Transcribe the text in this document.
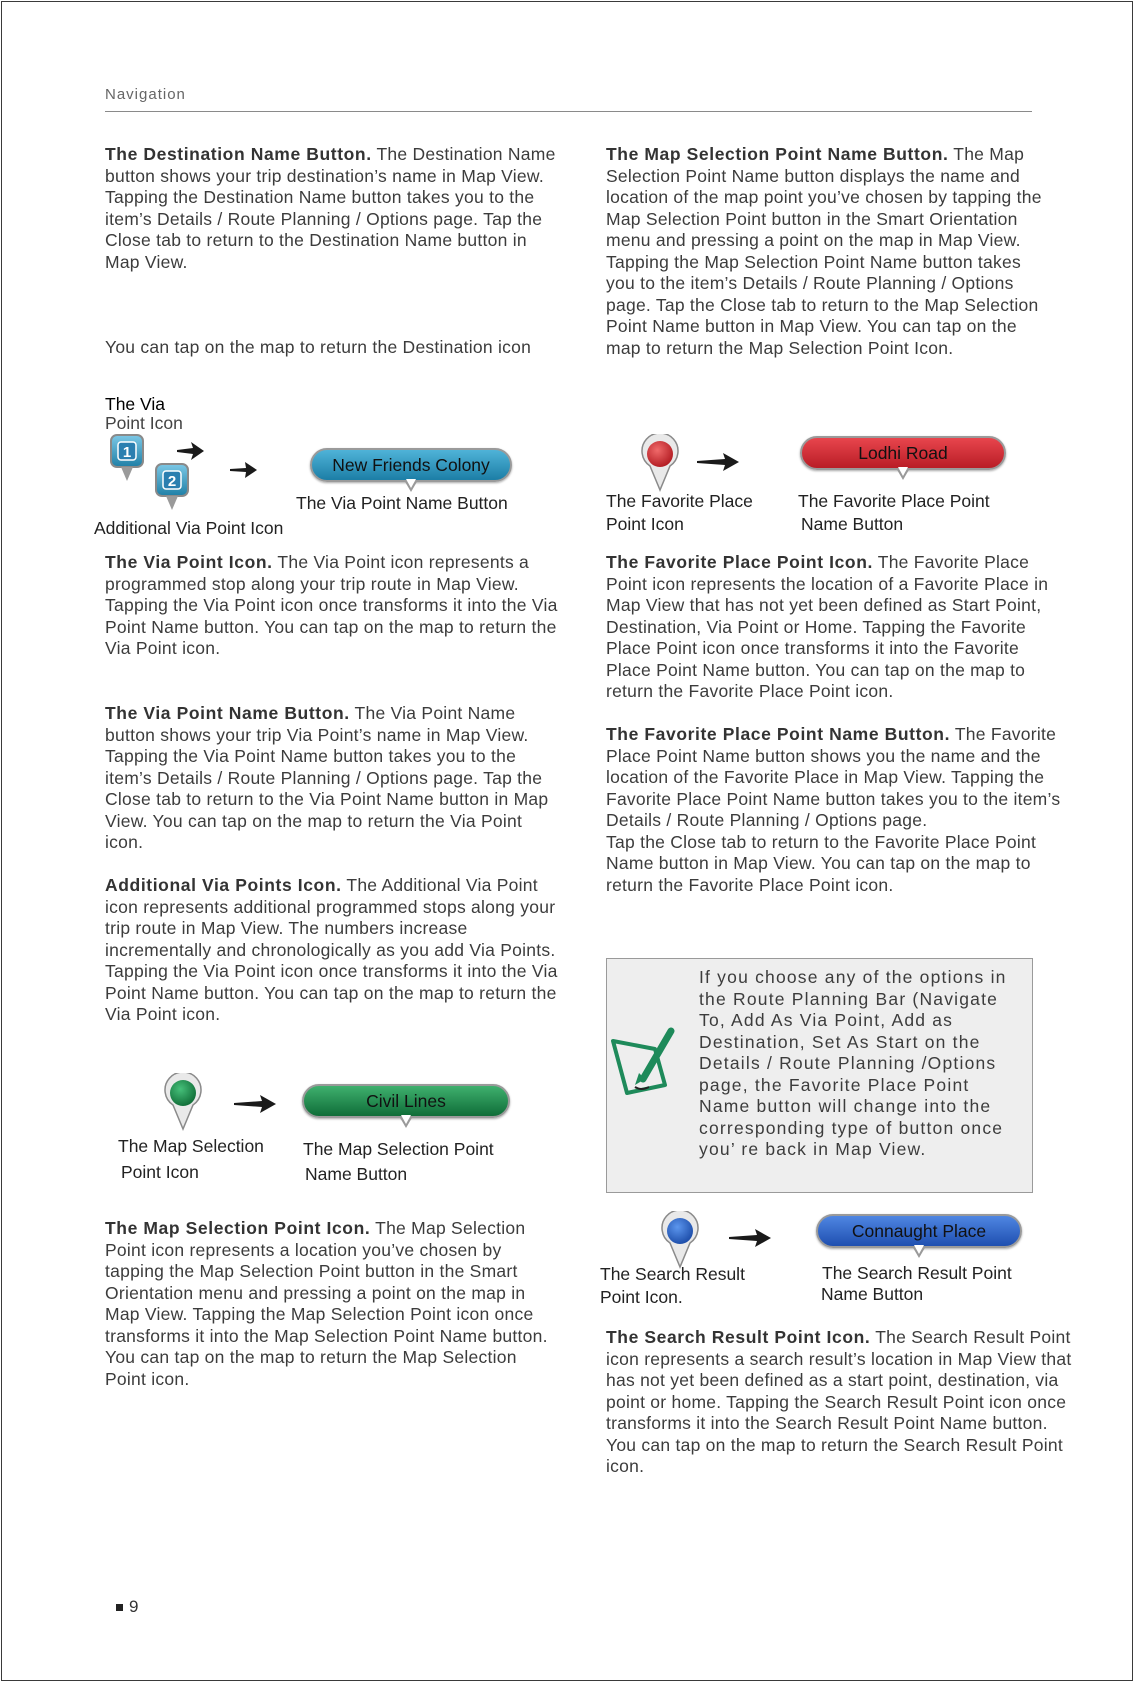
Navigation

The Destination Name Button. The Destination Name button shows your trip destination’s name in Map View. Tapping the Destination Name button takes you to the item’s Details / Route Planning / Options page. Tap the Close tab to return to the Destination Name button in Map View.

You can tap on the map to return the Destination icon

The Via
Point Icon
1
2
New Friends Colony
The Via Point Name Button
Additional Via Point Icon

The Via Point Icon. The Via Point icon represents a programmed stop along your trip route in Map View. Tapping the Via Point icon once transforms it into the Via Point Name button. You can tap on the map to return the Via Point icon.

The Via Point Name Button. The Via Point Name button shows your trip Via Point’s name in Map View. Tapping the Via Point Name button takes you to the item’s Details / Route Planning / Options page. Tap the Close tab to return to the Via Point Name button in Map View. You can tap on the map to return the Via Point icon.

Additional Via Points Icon. The Additional Via Point icon represents additional programmed stops along your trip route in Map View. The numbers increase incrementally and chronologically as you add Via Points. Tapping the Via Point icon once transforms it into the Via Point Name button. You can tap on the map to return the Via Point icon.

Civil Lines
The Map Selection
Point Icon
The Map Selection Point
Name Button

The Map Selection Point Icon. The Map Selection Point icon represents a location you’ve chosen by tapping the Map Selection Point button in the Smart Orientation menu and pressing a point on the map in Map View. Tapping the Map Selection Point icon once transforms it into the Map Selection Point Name button. You can tap on the map to return the Map Selection Point icon.

The Map Selection Point Name Button. The Map Selection Point Name button displays the name and location of the map point you’ve chosen by tapping the Map Selection Point button in the Smart Orientation menu and pressing a point on the map in Map View. Tapping the Map Selection Point Name button takes you to the item’s Details / Route Planning / Options page. Tap the Close tab to return to the Map Selection Point Name button in Map View. You can tap on the map to return the Map Selection Point Icon.

Lodhi Road
The Favorite Place
Point Icon
The Favorite Place Point
Name Button

The Favorite Place Point Icon. The Favorite Place Point icon represents the location of a Favorite Place in Map View that has not yet been defined as Start Point, Destination, Via Point or Home. Tapping the Favorite Place Point icon once transforms it into the Favorite Place Point Name button. You can tap on the map to return the Favorite Place Point icon.

The Favorite Place Point Name Button. The Favorite Place Point Name button shows you the name and the location of the Favorite Place in Map View. Tapping the Favorite Place Point Name button takes you to the item’s Details / Route Planning / Options page.
Tap the Close tab to return to the Favorite Place Point Name button in Map View. You can tap on the map to return the Favorite Place Point icon.

If you choose any of the options in the Route Planning Bar (Navigate To, Add As Via Point, Add as Destination, Set As Start on the Details / Route Planning /Options page, the Favorite Place Point Name button will change into the corresponding type of button once you’ re back in Map View.

Connaught Place
The Search Result
Point Icon.
The Search Result Point
Name Button

The Search Result Point Icon. The Search Result Point icon represents a search result’s location in Map View that has not yet been defined as a start point, destination, via point or home. Tapping the Search Result Point icon once transforms it into the Search Result Point Name button. You can tap on the map to return the Search Result Point icon.

9
